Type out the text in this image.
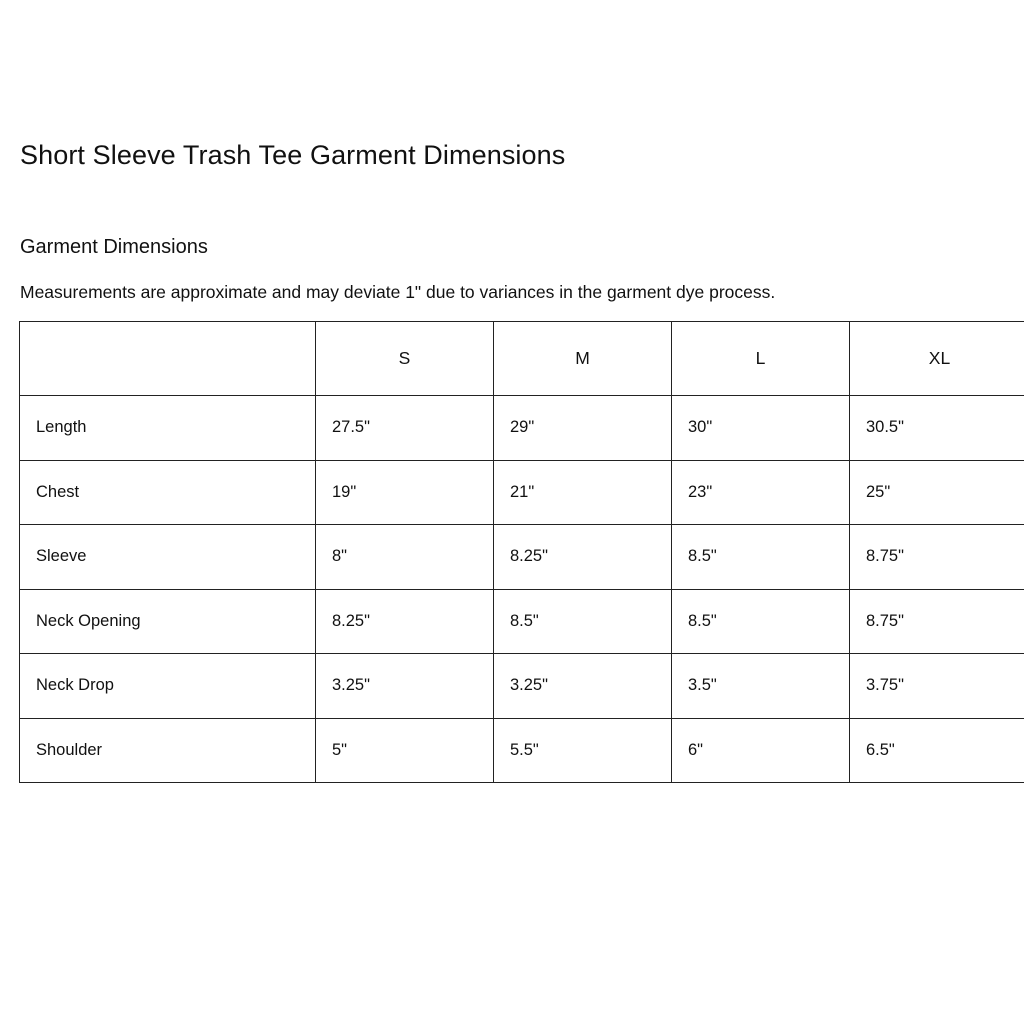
Short Sleeve Trash Tee Garment Dimensions
Garment Dimensions

Measurements are approximate and may deviate 1" due to variances in the garment dye process.

	S	M	L	XL
Length	27.5"	29"	30"	30.5"
Chest	19"	21"	23"	25"
Sleeve	8"	8.25"	8.5"	8.75"
Neck Opening	8.25"	8.5"	8.5"	8.75"
Neck Drop	3.25"	3.25"	3.5"	3.75"
Shoulder	5"	5.5"	6"	6.5"
